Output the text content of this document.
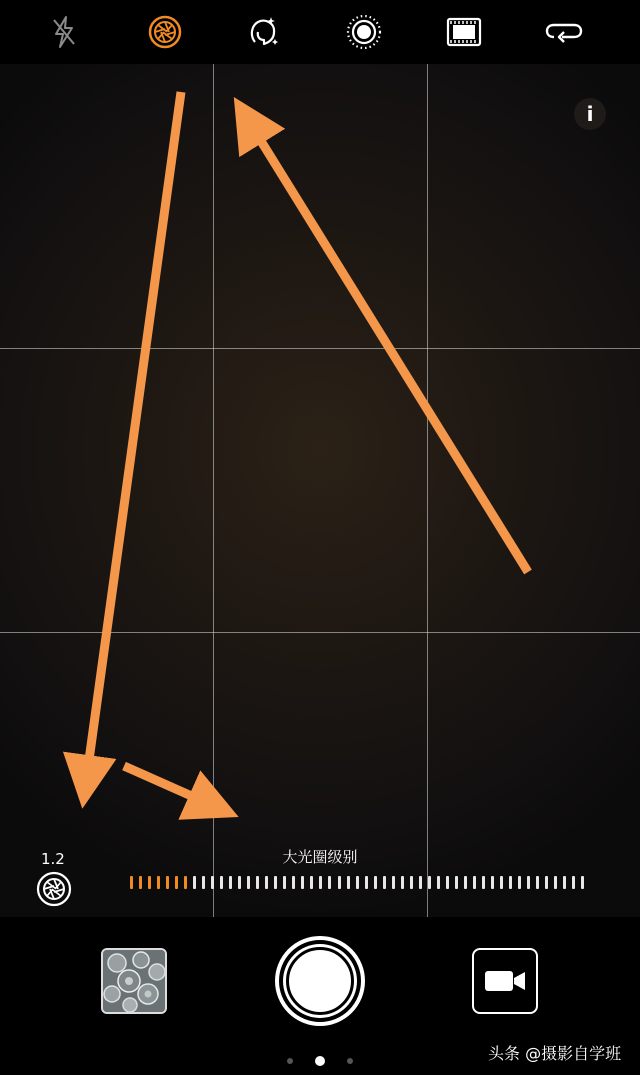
i
1.2	大光圈级别
头条 @摄影自学班
